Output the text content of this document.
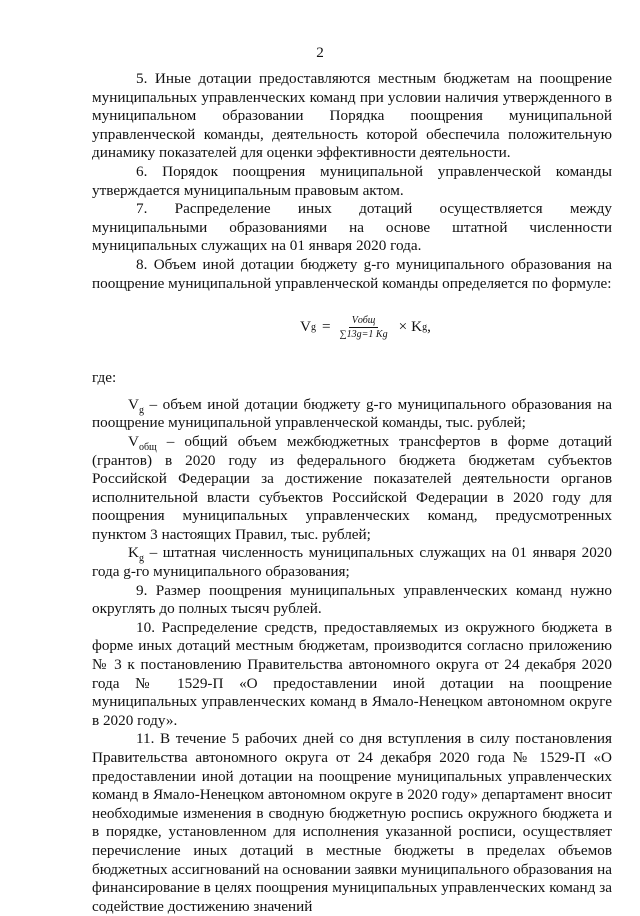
2

5. Иные дотации предоставляются местным бюджетам на поощрение муниципальных управленческих команд при условии наличия утвержденного в муниципальном образовании Порядка поощрения муниципальной управленческой команды, деятельность которой обеспечила положительную динамику показателей для оценки эффективности деятельности.

6. Порядок поощрения муниципальной управленческой команды утверждается муниципальным правовым актом.

7. Распределение иных дотаций осуществляется между муниципальными образованиями на основе штатной численности муниципальных служащих на 01 января 2020 года.

8. Объем иной дотации бюджету g-го муниципального образования на поощрение муниципальной управленческой команды определяется по формуле:

V $g = \frac{\text{Vобщ}}{\sum 13g=1 Kg} \times K$ g ,

где:

$V_g$ – объем иной дотации бюджету g-го муниципального образования на поощрение муниципальной управленческой команды, тыс. рублей;

$V_{общ}$ – общий объем межбюджетных трансфертов в форме дотаций (грантов) в 2020 году из федерального бюджета бюджетам субъектов Российской Федерации за достижение показателей деятельности органов исполнительной власти субъектов Российской Федерации в 2020 году для поощрения муниципальных управленческих команд, предусмотренных пунктом 3 настоящих Правил, тыс. рублей;

$K_g$ – штатная численность муниципальных служащих на 01 января 2020 года g-го муниципального образования;

9. Размер поощрения муниципальных управленческих команд нужно округлять до полных тысяч рублей.

10. Распределение средств, предоставляемых из окружного бюджета в форме иных дотаций местным бюджетам, производится согласно приложению № 3 к постановлению Правительства автономного округа от 24 декабря 2020 года № 1529-П «О предоставлении иной дотации на поощрение муниципальных управленческих команд в Ямало-Ненецком автономном округе в 2020 году».

11. В течение 5 рабочих дней со дня вступления в силу постановления Правительства автономного округа от 24 декабря 2020 года № 1529-П «О предоставлении иной дотации на поощрение муниципальных управленческих команд в Ямало-Ненецком автономном округе в 2020 году» департамент вносит необходимые изменения в сводную бюджетную роспись окружного бюджета и в порядке, установленном для исполнения указанной росписи, осуществляет перечисление иных дотаций в местные бюджеты в пределах объемов бюджетных ассигнований на основании заявки муниципального образования на финансирование в целях поощрения муниципальных управленческих команд за содействие достижению значений
